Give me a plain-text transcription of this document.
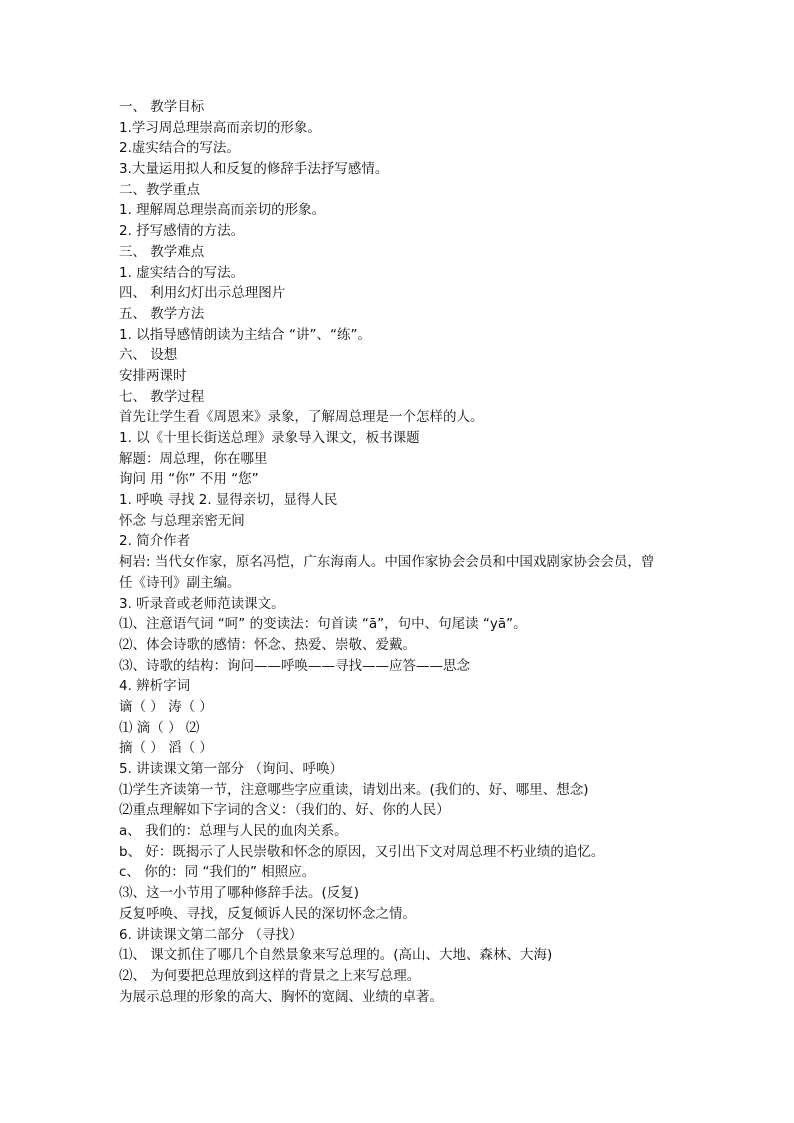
一、 教学目标
1.学习周总理崇高而亲切的形象。
2.虚实结合的写法。
3.大量运用拟人和反复的修辞手法抒写感情。
二、教学重点
1. 理解周总理崇高而亲切的形象。
2. 抒写感情的方法。
三、 教学难点
1. 虚实结合的写法。
四、 利用幻灯出示总理图片
五、 教学方法
1. 以指导感情朗读为主结合 “讲”、“练”。
六、 设想
安排两课时
七、 教学过程
首先让学生看《周恩来》录象，了解周总理是一个怎样的人。
1. 以《十里长街送总理》录象导入课文，板书课题
解题：周总理，你在哪里
询问 用 “你” 不用 “您”
1. 呼唤 寻找 2. 显得亲切，显得人民
怀念 与总理亲密无间
2. 简介作者
柯岩: 当代女作家，原名冯恺，广东海南人。中国作家协会会员和中国戏剧家协会会员，曾
任《诗刊》副主编。
3. 听录音或老师范读课文。
⑴、注意语气词 “呵” 的变读法：句首读 “ā”，句中、句尾读 “yā”。
⑵、体会诗歌的感情：怀念、热爱、崇敬、爱戴。
⑶、诗歌的结构：询问——呼唤——寻找——应答——思念
4. 辨析字词
谪（ ） 涛（ ）
⑴ 滴（ ） ⑵
摘（ ） 滔（ ）
5. 讲读课文第一部分 （询问、呼唤）
⑴学生齐读第一节，注意哪些字应重读，请划出来。(我们的、好、哪里、想念)
⑵重点理解如下字词的含义：（我们的、好、你的人民）
a、 我们的：总理与人民的血肉关系。
b、 好：既揭示了人民崇敬和怀念的原因，又引出下文对周总理不朽业绩的追忆。
c、 你的：同 “我们的” 相照应。
⑶、这一小节用了哪种修辞手法。(反复)
反复呼唤、寻找，反复倾诉人民的深切怀念之情。
6. 讲读课文第二部分 （寻找）
⑴、 课文抓住了哪几个自然景象来写总理的。(高山、大地、森林、大海)
⑵、 为何要把总理放到这样的背景之上来写总理。
为展示总理的形象的高大、胸怀的宽阔、业绩的卓著。
